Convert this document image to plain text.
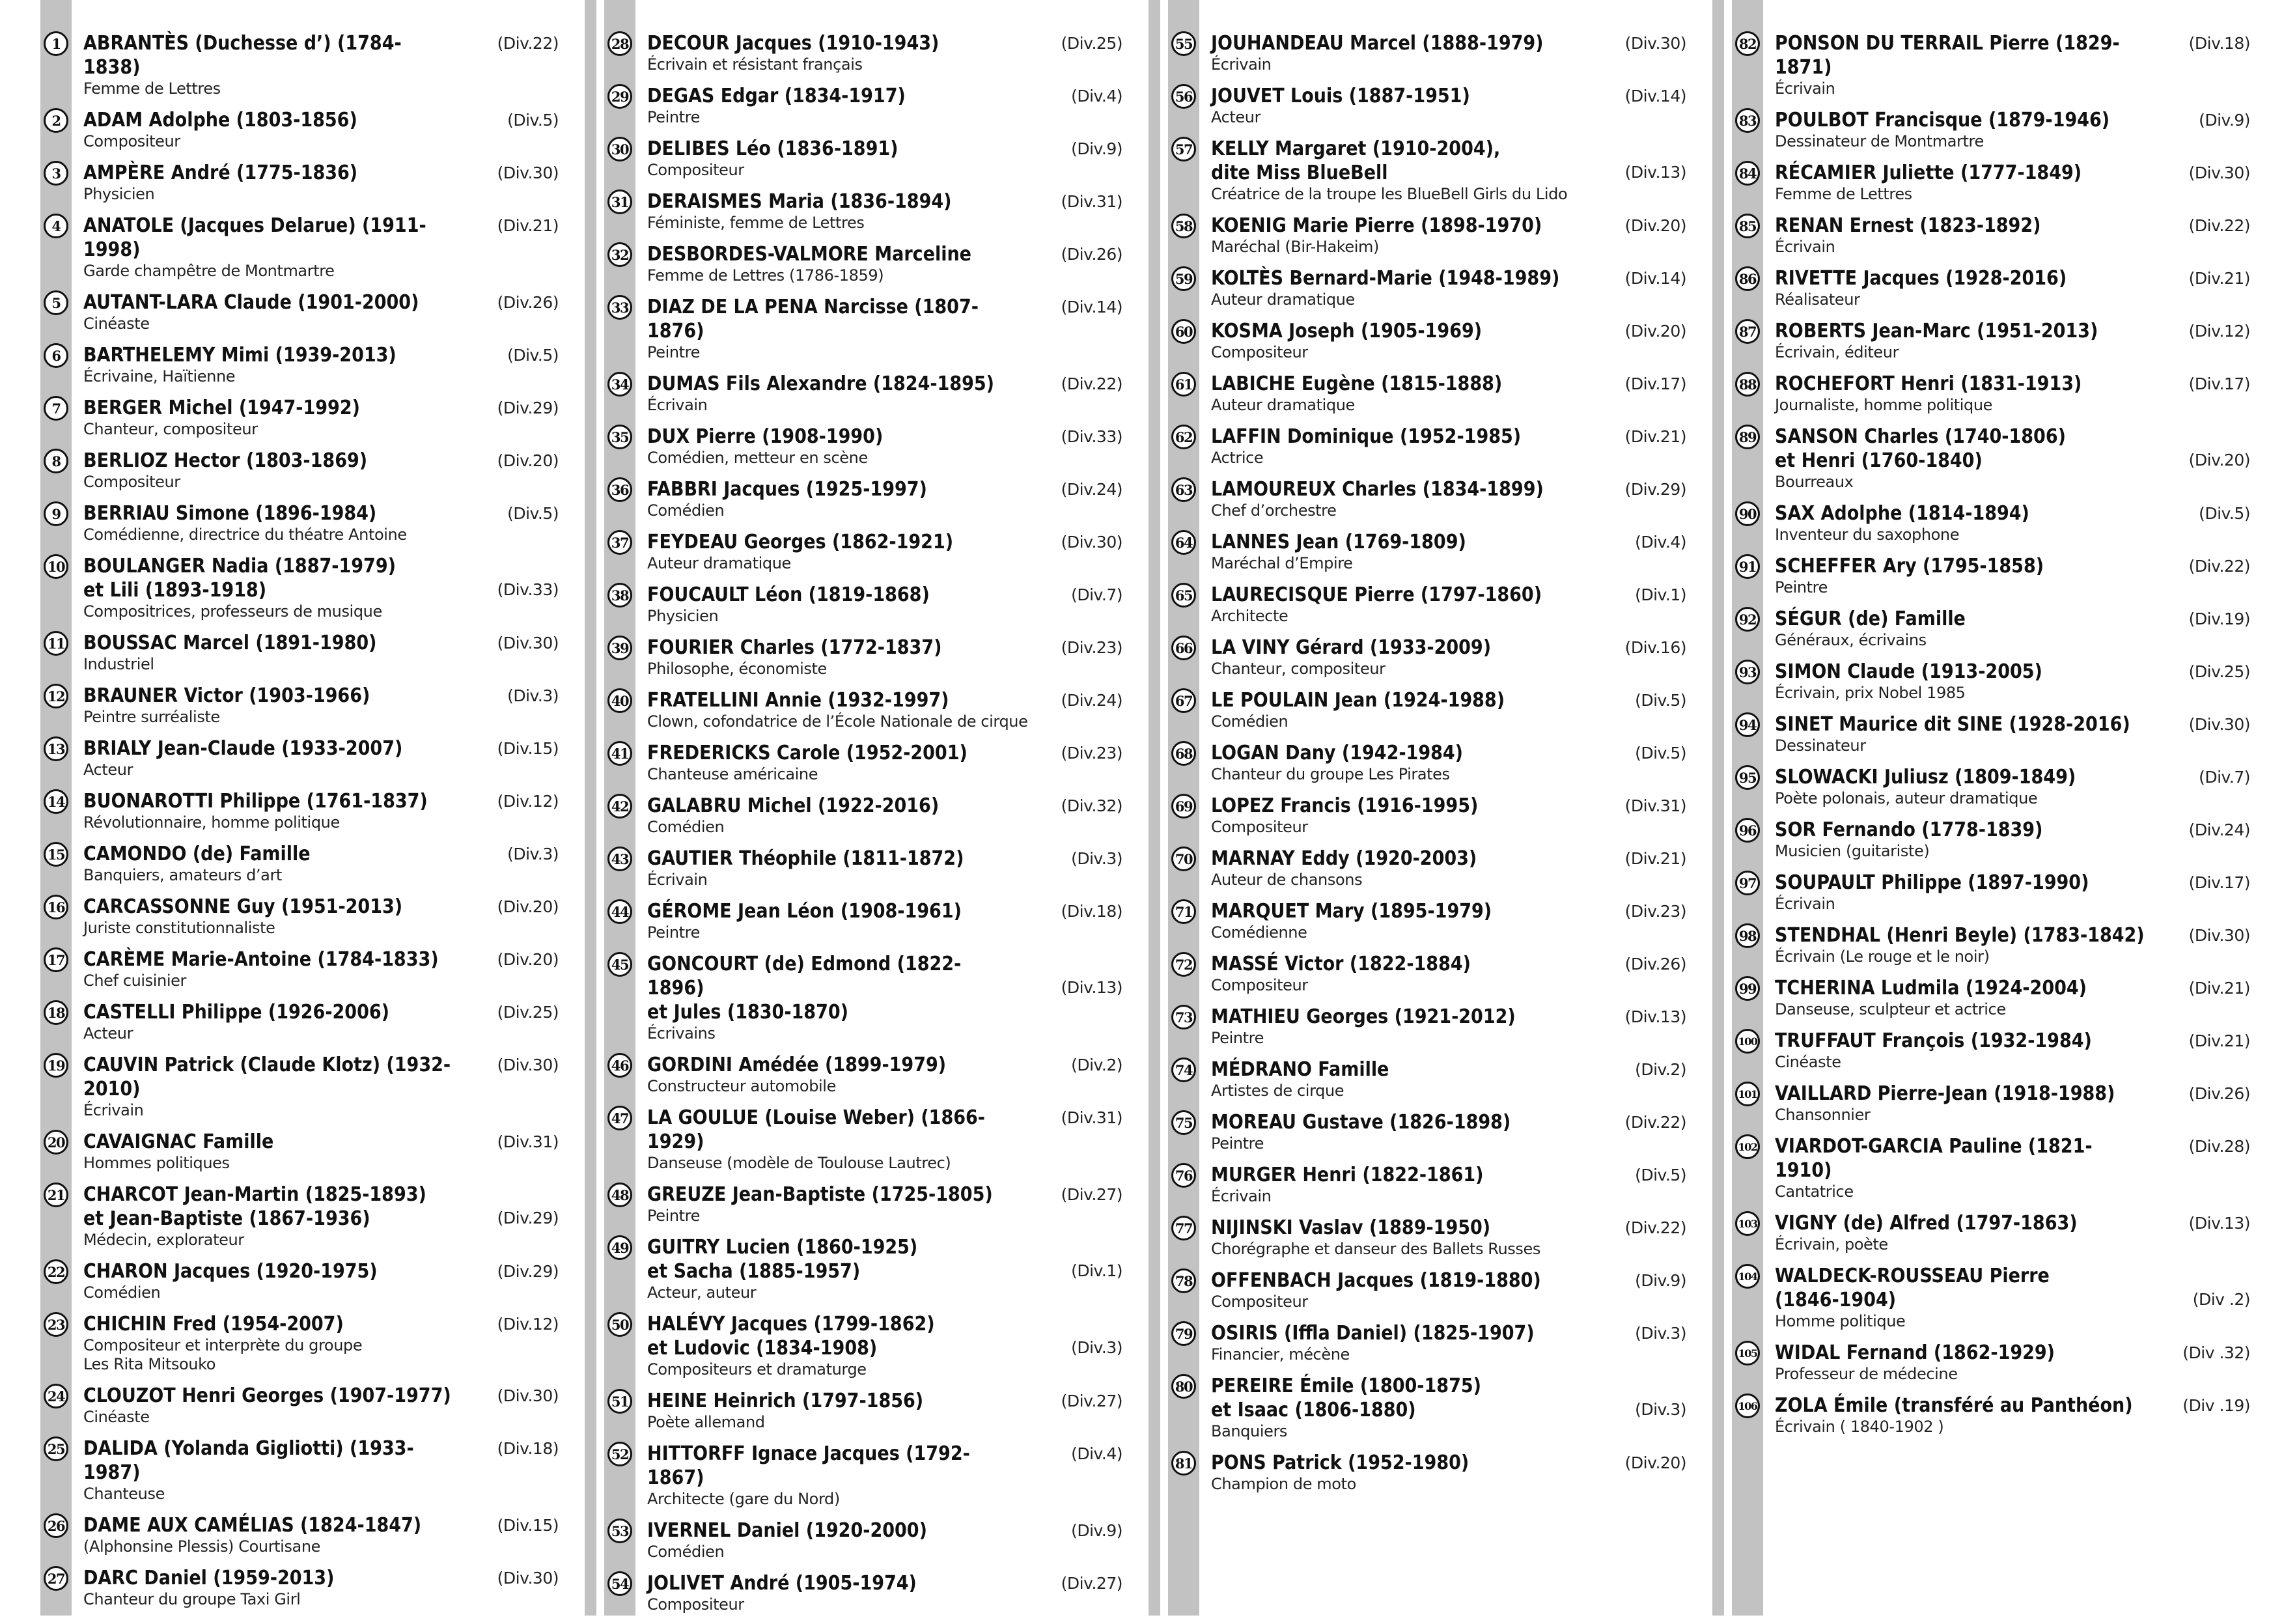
1	ABRANTÈS (Duchesse d’) (1784-1838)
(Div.22)
Femme de Lettres
2	ADAM Adolphe (1803-1856)	(Div.5)
Compositeur
3	AMPÈRE André (1775-1836)	(Div.30)
Physicien
4	ANATOLE (Jacques Delarue) (1911-1998)
(Div.21)
Garde champêtre de Montmartre
5	AUTANT-LARA Claude (1901-2000)	(Div.26)
Cinéaste
6	BARTHELEMY Mimi (1939-2013)	(Div.5)
Écrivaine, Haïtienne
7	BERGER Michel (1947-1992)	(Div.29)
Chanteur, compositeur
8	BERLIOZ Hector (1803-1869)	(Div.20)
Compositeur
9	BERRIAU Simone (1896-1984)	(Div.5)
Comédienne, directrice du théatre Antoine
10 BOULANGER Nadia (1887-1979)
et Lili (1893-1918)	(Div.33)
Compositrices, professeurs de musique
11 BOUSSAC Marcel (1891-1980)	(Div.30)
Industriel
12 BRAUNER Victor (1903-1966)	(Div.3)
Peintre surréaliste
13 BRIALY Jean-Claude (1933-2007)	(Div.15)
Acteur
14 BUONAROTTI Philippe (1761-1837)	(Div.12)
Révolutionnaire, homme politique
15 CAMONDO (de) Famille	(Div.3)
Banquiers, amateurs d’art
16 CARCASSONNE Guy (1951-2013)	(Div.20)
Juriste constitutionnaliste
17 CARÈME Marie-Antoine (1784-1833)	(Div.20)
Chef cuisinier
18 CASTELLI Philippe (1926-2006)	(Div.25)
Acteur
19 CAUVIN Patrick (Claude Klotz) (1932-2010)
(Div.30)
Écrivain
20 CAVAIGNAC Famille	(Div.31)
Hommes politiques
21 CHARCOT Jean-Martin (1825-1893)
et Jean-Baptiste (1867-1936)	(Div.29)
Médecin, explorateur
22 CHARON Jacques (1920-1975)	(Div.29)
Comédien
23 CHICHIN Fred (1954-2007)	(Div.12)
Compositeur et interprète du groupe
Les Rita Mitsouko
24 CLOUZOT Henri Georges (1907-1977)	(Div.30)
Cinéaste
25 DALIDA (Yolanda Gigliotti) (1933-1987)
(Div.18)
Chanteuse
26 DAME AUX CAMÉLIAS (1824-1847)	(Div.15)
(Alphonsine Plessis) Courtisane
27 DARC Daniel (1959-2013)	(Div.30)
Chanteur du groupe Taxi Girl
28 DECOUR Jacques (1910-1943)	(Div.25)
Écrivain et résistant français
29 DEGAS Edgar (1834-1917)	(Div.4)
Peintre
30 DELIBES Léo (1836-1891)	(Div.9)
Compositeur
31 DERAISMES Maria (1836-1894)	(Div.31)
Féministe, femme de Lettres
32 DESBORDES-VALMORE Marceline	(Div.26)
Femme de Lettres (1786-1859)
33 DIAZ DE LA PENA Narcisse (1807-1876)
(Div.14)
Peintre
34 DUMAS Fils Alexandre (1824-1895)	(Div.22)
Écrivain
35 DUX Pierre (1908-1990)	(Div.33)
Comédien, metteur en scène
36 FABBRI Jacques (1925-1997)	(Div.24)
Comédien
37 FEYDEAU Georges (1862-1921)	(Div.30)
Auteur dramatique
38 FOUCAULT Léon (1819-1868)	(Div.7)
Physicien
39 FOURIER Charles (1772-1837)	(Div.23)
Philosophe, économiste
40 FRATELLINI Annie (1932-1997)	(Div.24)
Clown, cofondatrice de l’École Nationale de cirque
41 FREDERICKS Carole (1952-2001)	(Div.23)
Chanteuse américaine
42 GALABRU Michel (1922-2016)	(Div.32)
Comédien
43 GAUTIER Théophile (1811-1872)	(Div.3)
Écrivain
44 GÉROME Jean Léon (1908-1961)	(Div.18)
Peintre
45 GONCOURT (de) Edmond (1822-1896)
et Jules (1830-1870)
(Div.13)
Écrivains
46 GORDINI Amédée (1899-1979)	(Div.2)
Constructeur automobile
47 LA GOULUE (Louise Weber) (1866-1929)
(Div.31)
Danseuse (modèle de Toulouse Lautrec)
48 GREUZE Jean-Baptiste (1725-1805)	(Div.27)
Peintre
49 GUITRY Lucien (1860-1925)
et Sacha (1885-1957)	(Div.1)
Acteur, auteur
50 HALÉVY Jacques (1799-1862)
et Ludovic (1834-1908)	(Div.3)
Compositeurs et dramaturge
51 HEINE Heinrich (1797-1856)	(Div.27)
Poète allemand
52 HITTORFF Ignace Jacques (1792-1867)
(Div.4)
Architecte (gare du Nord)
53 IVERNEL Daniel (1920-2000)	(Div.9)
Comédien
54 JOLIVET André (1905-1974)	(Div.27)
Compositeur
55 JOUHANDEAU Marcel (1888-1979)	(Div.30)
Écrivain
56 JOUVET Louis (1887-1951)	(Div.14)
Acteur
57 KELLY Margaret (1910-2004),
dite Miss BlueBell	(Div.13)
Créatrice de la troupe les BlueBell Girls du Lido
58 KOENIG Marie Pierre (1898-1970)	(Div.20)
Maréchal (Bir-Hakeim)
59 KOLTÈS Bernard-Marie (1948-1989)	(Div.14)
Auteur dramatique
60 KOSMA Joseph (1905-1969)	(Div.20)
Compositeur
61 LABICHE Eugène (1815-1888)	(Div.17)
Auteur dramatique
62 LAFFIN Dominique (1952-1985)	(Div.21)
Actrice
63 LAMOUREUX Charles (1834-1899)	(Div.29)
Chef d’orchestre
64 LANNES Jean (1769-1809)	(Div.4)
Maréchal d’Empire
65 LAURECISQUE Pierre (1797-1860)	(Div.1)
Architecte
66 LA VINY Gérard (1933-2009)	(Div.16)
Chanteur, compositeur
67 LE POULAIN Jean (1924-1988)	(Div.5)
Comédien
68 LOGAN Dany (1942-1984)	(Div.5)
Chanteur du groupe Les Pirates
69 LOPEZ Francis (1916-1995)	(Div.31)
Compositeur
70 MARNAY Eddy (1920-2003)	(Div.21)
Auteur de chansons
71 MARQUET Mary (1895-1979)	(Div.23)
Comédienne
72 MASSÉ Victor (1822-1884)	(Div.26)
Compositeur
73 MATHIEU Georges (1921-2012)	(Div.13)
Peintre
74 MÉDRANO Famille	(Div.2)
Artistes de cirque
75 MOREAU Gustave (1826-1898)	(Div.22)
Peintre
76 MURGER Henri (1822-1861)	(Div.5)
Écrivain
77 NIJINSKI Vaslav (1889-1950)	(Div.22)
Chorégraphe et danseur des Ballets Russes
78 OFFENBACH Jacques (1819-1880)	(Div.9)
Compositeur
79 OSIRIS (Iffla Daniel) (1825-1907)	(Div.3)
Financier, mécène
80 PEREIRE Émile (1800-1875)
et Isaac (1806-1880)	(Div.3)
Banquiers
81 PONS Patrick (1952-1980)	(Div.20)
Champion de moto
82 PONSON DU TERRAIL Pierre (1829-1871)
(Div.18)
Écrivain
83 POULBOT Francisque (1879-1946)	(Div.9)
Dessinateur de Montmartre
84 RÉCAMIER Juliette (1777-1849)	(Div.30)
Femme de Lettres
85 RENAN Ernest (1823-1892)	(Div.22)
Écrivain
86 RIVETTE Jacques (1928-2016)	(Div.21)
Réalisateur
87 ROBERTS Jean-Marc (1951-2013)	(Div.12)
Écrivain, éditeur
88 ROCHEFORT Henri (1831-1913)	(Div.17)
Journaliste, homme politique
89 SANSON Charles (1740-1806)
et Henri (1760-1840)	(Div.20)
Bourreaux
90 SAX Adolphe (1814-1894)	(Div.5)
Inventeur du saxophone
91 SCHEFFER Ary (1795-1858)	(Div.22)
Peintre
92 SÉGUR (de) Famille	(Div.19)
Généraux, écrivains
93 SIMON Claude (1913-2005)	(Div.25)
Écrivain, prix Nobel 1985
94 SINET Maurice dit SINE (1928-2016)	(Div.30)
Dessinateur
95 SLOWACKI Juliusz (1809-1849)	(Div.7)
Poète polonais, auteur dramatique
96 SOR Fernando (1778-1839)	(Div.24)
Musicien (guitariste)
97 SOUPAULT Philippe (1897-1990)	(Div.17)
Écrivain
98 STENDHAL (Henri Beyle) (1783-1842)	(Div.30)
Écrivain (Le rouge et le noir)
99 TCHERINA Ludmila (1924-2004)	(Div.21)
Danseuse, sculpteur et actrice
100 TRUFFAUT François (1932-1984)	(Div.21)
Cinéaste
101 VAILLARD Pierre-Jean (1918-1988)	(Div.26)
Chansonnier
102 VIARDOT-GARCIA Pauline (1821-1910)
(Div.28)
Cantatrice
103 VIGNY (de) Alfred (1797-1863)	(Div.13)
Écrivain, poète
104 WALDECK-ROUSSEAU Pierre
(1846-1904)	(Div .2)
Homme politique
105 WIDAL Fernand (1862-1929)	(Div .32)
Professeur de médecine
106 ZOLA Émile (transféré au Panthéon)	(Div .19)
Écrivain ( 1840-1902 )
